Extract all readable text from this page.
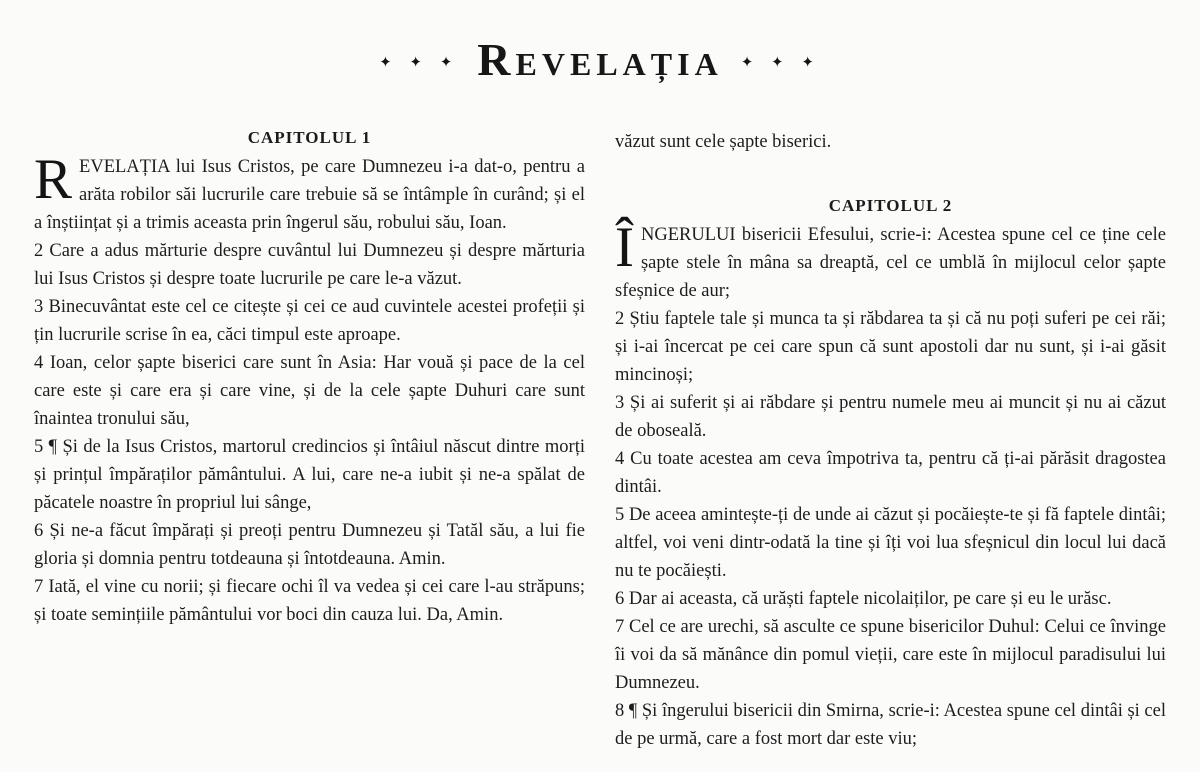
✦ ✦ ✦ Revelația ✦ ✦ ✦
CAPITOLUL 1

REVELAȚIA lui Isus Cristos, pe care Dumnezeu i-a dat-o, pentru a arăta robilor săi lucrurile care trebuie să se întâmple în curând; și el a înștiințat și a trimis aceasta prin îngerul său, robului său, Ioan.

2 Care a adus mărturie despre cuvântul lui Dumnezeu și despre mărturia lui Isus Cristos și despre toate lucrurile pe care le-a văzut.

3 Binecuvântat este cel ce citește și cei ce aud cuvintele acestei profeții și țin lucrurile scrise în ea, căci timpul este aproape.

4 Ioan, celor șapte biserici care sunt în Asia: Har vouă și pace de la cel care este și care era și care vine, și de la cele șapte Duhuri care sunt înaintea tronului său,

5 ¶ Și de la Isus Cristos, martorul credincios și întâiul născut dintre morți și prințul împăraților pământului. A lui, care ne-a iubit și ne-a spălat de păcatele noastre în propriul lui sânge,

6 Și ne-a făcut împărați și preoți pentru Dumnezeu și Tatăl său, a lui fie gloria și domnia pentru totdeauna și întotdeauna. Amin.

7 Iată, el vine cu norii; și fiecare ochi îl va vedea și cei care l-au străpuns; și toate semințiile pământului vor boci din cauza lui. Da, Amin.

văzut sunt cele șapte biserici.

CAPITOLUL 2

ÎNGERULUI bisericii Efesului, scrie-i: Acestea spune cel ce ține cele șapte stele în mâna sa dreaptă, cel ce umblă în mijlocul celor șapte sfeșnice de aur;

2 Știu faptele tale și munca ta și răbdarea ta și că nu poți suferi pe cei răi; și i-ai încercat pe cei care spun că sunt apostoli dar nu sunt, și i-ai găsit mincinoși;

3 Și ai suferit și ai răbdare și pentru numele meu ai muncit și nu ai căzut de oboseală.

4 Cu toate acestea am ceva împotriva ta, pentru că ți-ai părăsit dragostea dintâi.

5 De aceea amintește-ți de unde ai căzut și pocăiește-te și fă faptele dintâi; altfel, voi veni dintr-odată la tine și îți voi lua sfeșnicul din locul lui dacă nu te pocăiești.

6 Dar ai aceasta, că urăști faptele nicolaiților, pe care și eu le urăsc.

7 Cel ce are urechi, să asculte ce spune bisericilor Duhul: Celui ce învinge îi voi da să mănânce din pomul vieții, care este în mijlocul paradisului lui Dumnezeu.

8 ¶ Și îngerului bisericii din Smirna, scrie-i: Acestea spune cel dintâi și cel de pe urmă, care a fost mort dar este viu;
